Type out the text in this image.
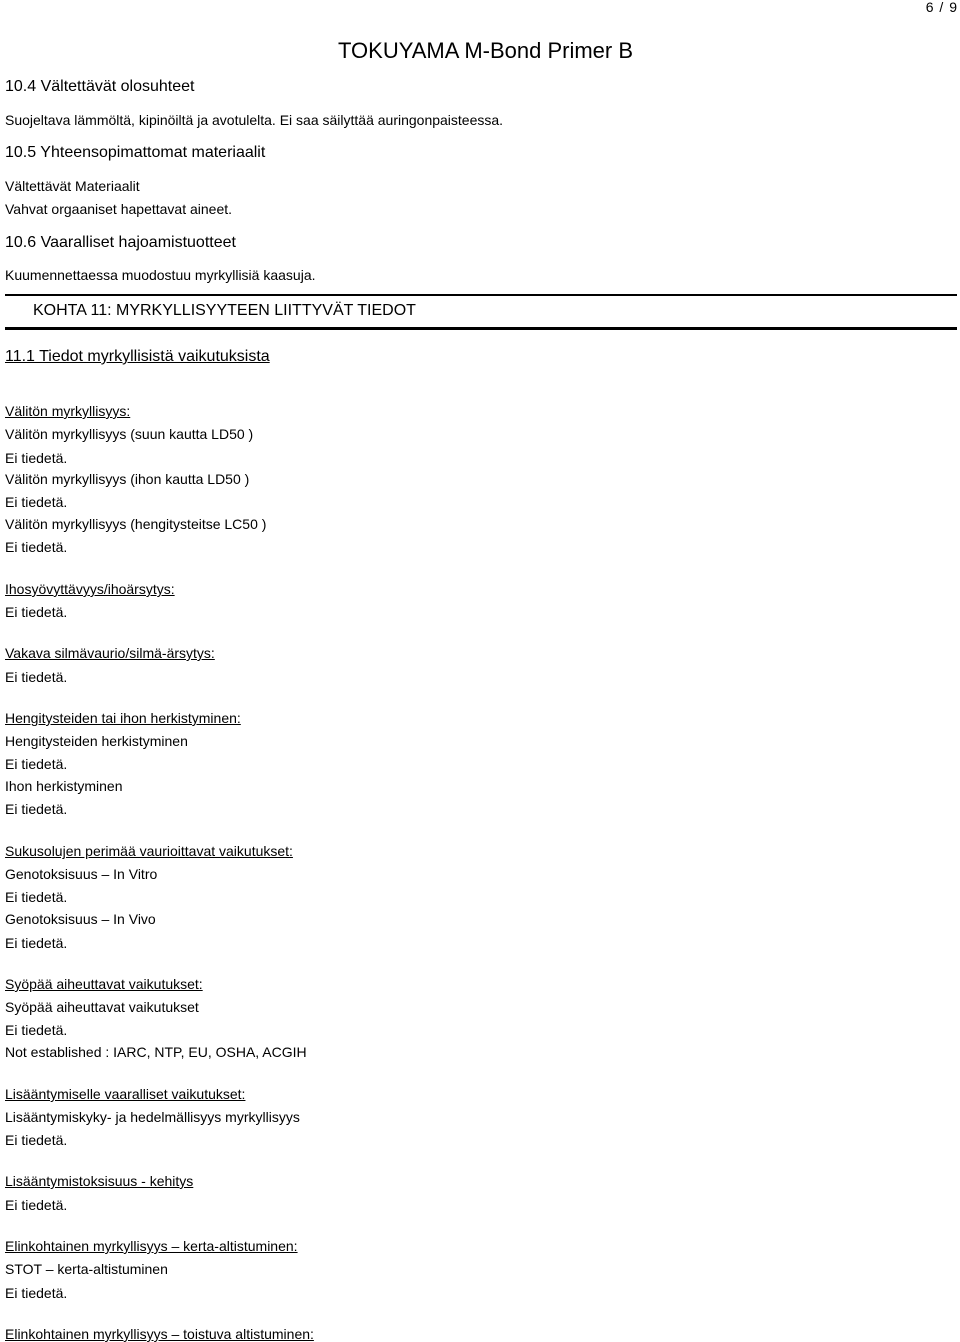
6 / 9
TOKUYAMA M-Bond Primer B
10.4 Vältettävät olosuhteet
Suojeltava lämmöltä, kipinöiltä ja avotulelta. Ei saa säilyttää auringonpaisteessa.
10.5 Yhteensopimattomat materiaalit
Vältettävät Materiaalit
Vahvat orgaaniset hapettavat aineet.
10.6 Vaaralliset hajoamistuotteet
Kuumennettaessa muodostuu myrkyllisiä kaasuja.
KOHTA 11: MYRKYLLISYYTEEN LIITTYVÄT TIEDOT
11.1 Tiedot myrkyllisistä vaikutuksista
Välitön myrkyllisyys:
Välitön myrkyllisyys (suun kautta LD50 )
Ei tiedetä.
Välitön myrkyllisyys (ihon kautta LD50 )
Ei tiedetä.
Välitön myrkyllisyys (hengitysteitse LC50 )
Ei tiedetä.
Ihosyövyttävyys/ihoärsytys:
Ei tiedetä.
Vakava silmävaurio/silmä-ärsytys:
Ei tiedetä.
Hengitysteiden tai ihon herkistyminen:
Hengitysteiden herkistyminen
Ei tiedetä.
Ihon herkistyminen
Ei tiedetä.
Sukusolujen perimää vaurioittavat vaikutukset:
Genotoksisuus – In Vitro
Ei tiedetä.
Genotoksisuus – In Vivo
Ei tiedetä.
Syöpää aiheuttavat vaikutukset:
Syöpää aiheuttavat vaikutukset
Ei tiedetä.
Not established : IARC, NTP, EU, OSHA, ACGIH
Lisääntymiselle vaaralliset vaikutukset:
Lisääntymiskyky- ja hedelmällisyys myrkyllisyys
Ei tiedetä.
Lisääntymistoksisuus - kehitys
Ei tiedetä.
Elinkohtainen myrkyllisyys – kerta-altistuminen:
STOT – kerta-altistuminen
Ei tiedetä.
Elinkohtainen myrkyllisyys – toistuva altistuminen:
